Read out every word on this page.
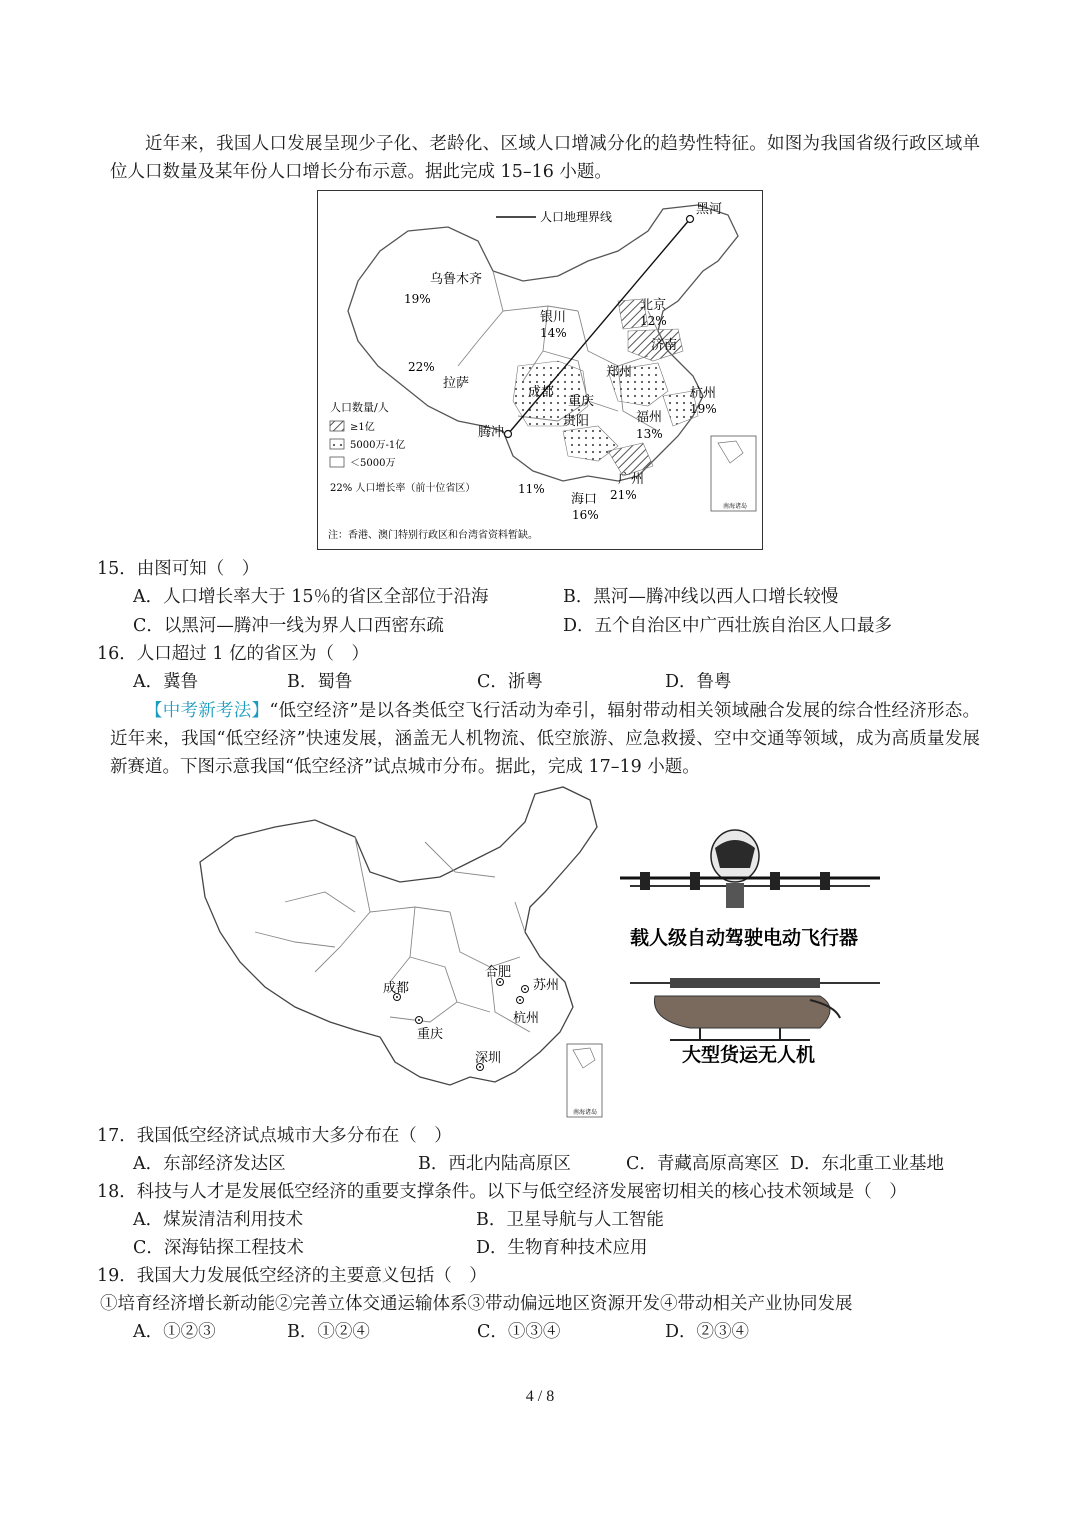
近年来，我国人口发展呈现少子化、老龄化、区域人口增减分化的趋势性特征。如图为我国省级行政区域单位人口数量及某年份人口增长分布示意。据此完成 15–16 小题。
人口地理界线	黑河
乌鲁木齐
19%
银川
14%
北京
12%
济南
22%
拉萨
成都
郑州
重庆
贵阳
杭州
19%
福州
13%
腾冲
11%
广州
21%
海口
16%
人口数量/人
≥1亿
5000万-1亿
＜5000万
22% 人口增长率（前十位省区）
南海诸岛
注：香港、澳门特别行政区和台湾省资料暂缺。
15．由图可知（　）
A．人口增长率大于 15％的省区全部位于沿海	B．黑河—腾冲线以西人口增长较慢
C．以黑河—腾冲一线为界人口西密东疏	D．五个自治区中广西壮族自治区人口最多
16．人口超过 1 亿的省区为（　）
A．冀鲁	B．蜀鲁	C．浙粤	D．鲁粤
【中考新考法】“低空经济”是以各类低空飞行活动为牵引，辐射带动相关领域融合发展的综合性经济形态。近年来，我国“低空经济”快速发展，涵盖无人机物流、低空旅游、应急救援、空中交通等领域，成为高质量发展新赛道。下图示意我国“低空经济”试点城市分布。据此，完成 17–19 小题。
成都
重庆
合肥
苏州
杭州
深圳
南海诸岛
载人级自动驾驶电动飞行器
大型货运无人机
17．我国低空经济试点城市大多分布在（　）
A．东部经济发达区	B．西北内陆高原区	C．青藏高原高寒区 D．东北重工业基地
18．科技与人才是发展低空经济的重要支撑条件。以下与低空经济发展密切相关的核心技术领域是（　）
A．煤炭清洁利用技术	B．卫星导航与人工智能
C．深海钻探工程技术	D．生物育种技术应用
19．我国大力发展低空经济的主要意义包括（　）
①培育经济增长新动能②完善立体交通运输体系③带动偏远地区资源开发④带动相关产业协同发展
A．①②③	B．①②④	C．①③④	D．②③④
4 / 8
